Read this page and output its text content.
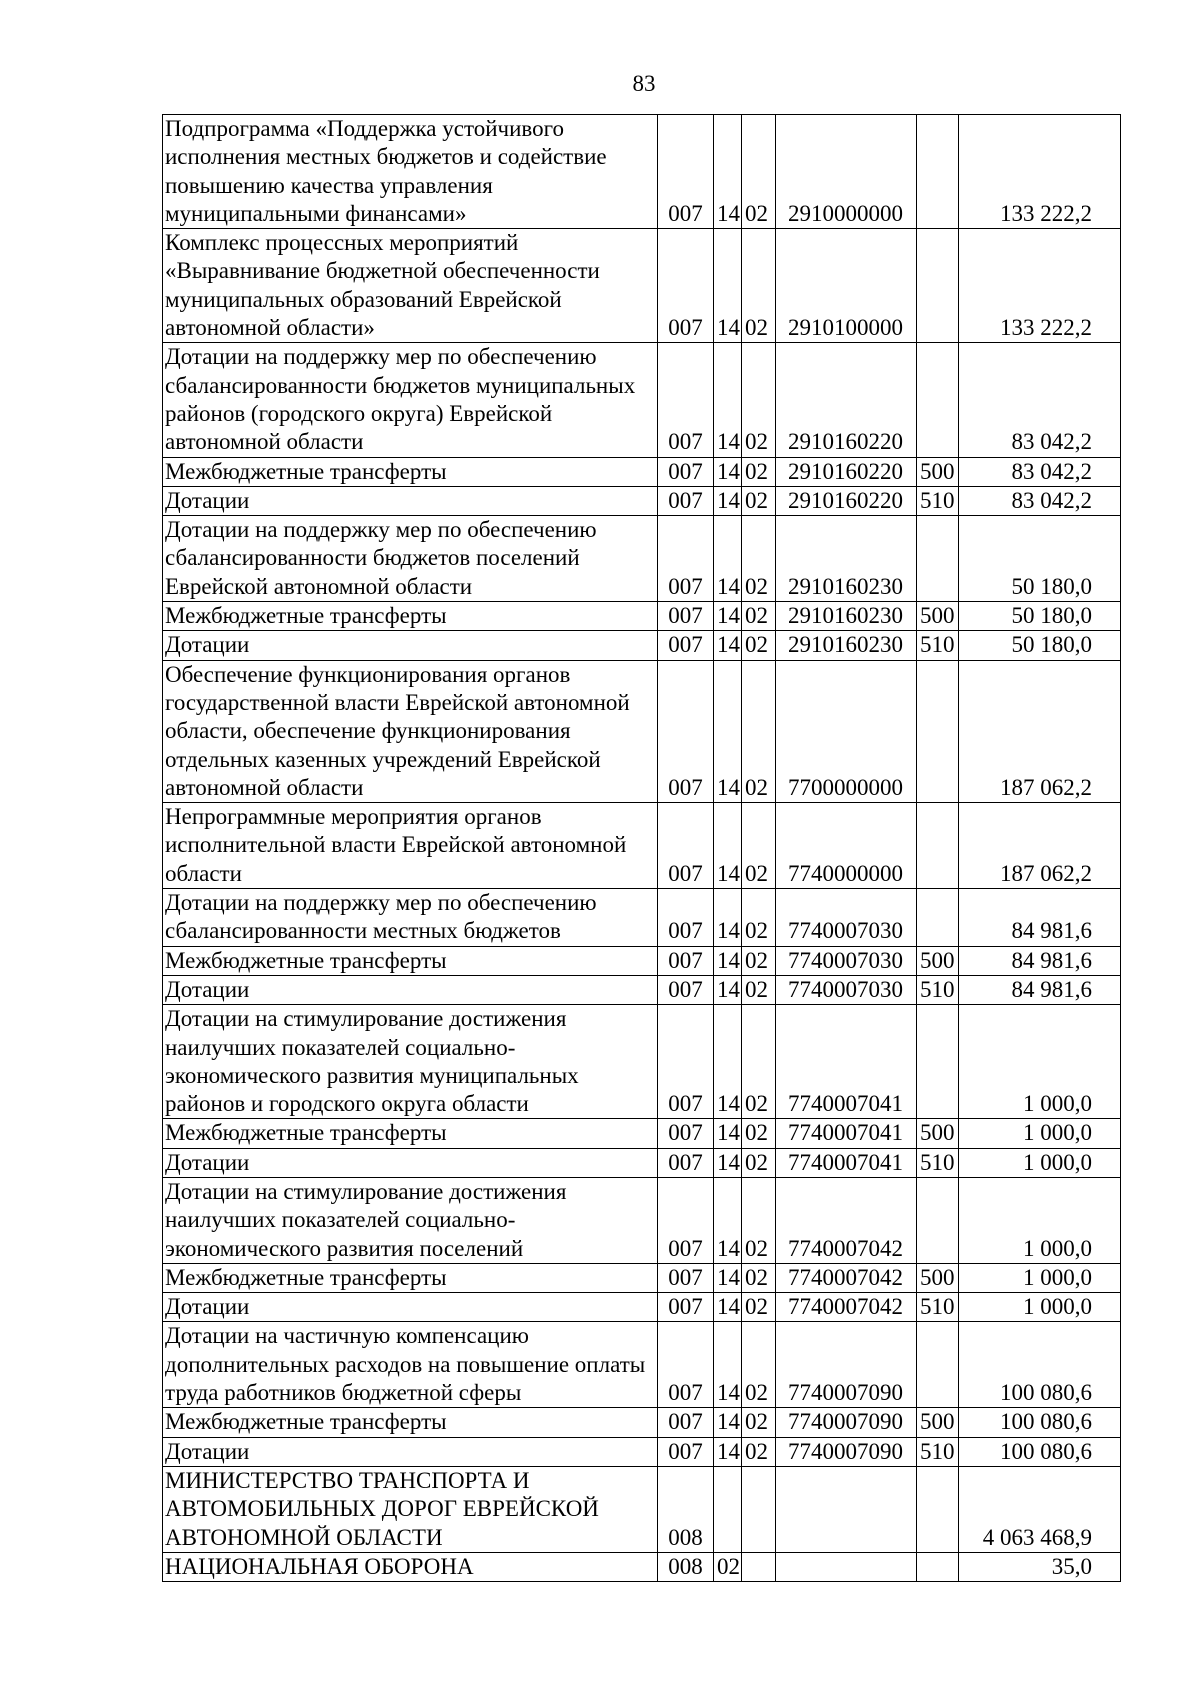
83
Подпрограмма «Поддержка устойчивого исполнения местных бюджетов и содействие повышению качества управления муниципальными финансами»	007	14	02	2910000000		133 222,2
Комплекс процессных мероприятий «Выравнивание бюджетной обеспеченности муниципальных образований Еврейской автономной области»	007	14	02	2910100000		133 222,2
Дотации на поддержку мер по обеспечению сбалансированности бюджетов муниципальных районов (городского округа) Еврейской автономной области	007	14	02	2910160220		83 042,2
Межбюджетные трансферты	007	14	02	2910160220	500	83 042,2
Дотации	007	14	02	2910160220	510	83 042,2
Дотации на поддержку мер по обеспечению сбалансированности бюджетов поселений Еврейской автономной области	007	14	02	2910160230		50 180,0
Межбюджетные трансферты	007	14	02	2910160230	500	50 180,0
Дотации	007	14	02	2910160230	510	50 180,0
Обеспечение функционирования органов государственной власти Еврейской автономной области, обеспечение функционирования отдельных казенных учреждений Еврейской автономной области	007	14	02	7700000000		187 062,2
Непрограммные мероприятия органов исполнительной власти Еврейской автономной области	007	14	02	7740000000		187 062,2
Дотации на поддержку мер по обеспечению сбалансированности местных бюджетов	007	14	02	7740007030		84 981,6
Межбюджетные трансферты	007	14	02	7740007030	500	84 981,6
Дотации	007	14	02	7740007030	510	84 981,6
Дотации на стимулирование достижения наилучших показателей социально-экономического развития муниципальных районов и городского округа области	007	14	02	7740007041		1 000,0
Межбюджетные трансферты	007	14	02	7740007041	500	1 000,0
Дотации	007	14	02	7740007041	510	1 000,0
Дотации на стимулирование достижения наилучших показателей социально-экономического развития поселений	007	14	02	7740007042		1 000,0
Межбюджетные трансферты	007	14	02	7740007042	500	1 000,0
Дотации	007	14	02	7740007042	510	1 000,0
Дотации на частичную компенсацию дополнительных расходов на повышение оплаты труда работников бюджетной сферы	007	14	02	7740007090		100 080,6
Межбюджетные трансферты	007	14	02	7740007090	500	100 080,6
Дотации	007	14	02	7740007090	510	100 080,6
МИНИСТЕРСТВО ТРАНСПОРТА И АВТОМОБИЛЬНЫХ ДОРОГ ЕВРЕЙСКОЙ АВТОНОМНОЙ ОБЛАСТИ	008					4 063 468,9
НАЦИОНАЛЬНАЯ ОБОРОНА	008	02				35,0
